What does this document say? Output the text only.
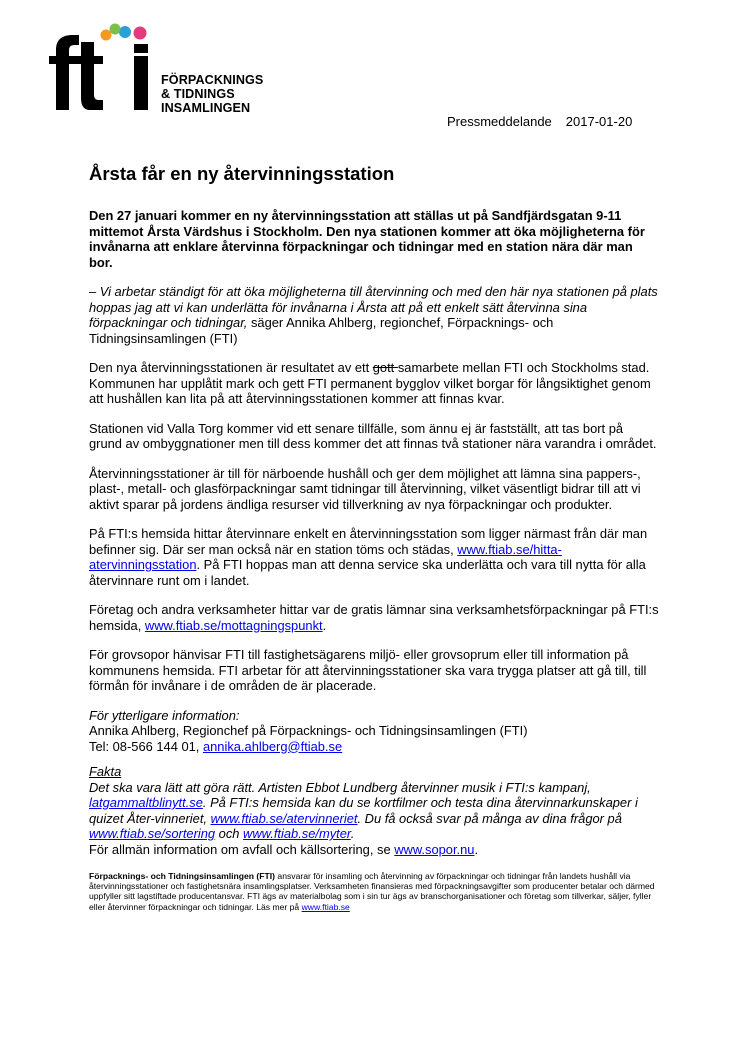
FÖRPACKNINGS
& TIDNINGS
INSAMLINGEN
Pressmeddelande 2017-01-20
Årsta får en ny återvinningsstation

Den 27 januari kommer en ny återvinningsstation att ställas ut på Sandfjärdsgatan 9-11 mittemot Årsta Värdshus i Stockholm. Den nya stationen kommer att öka möjligheterna för invånarna att enklare återvinna förpackningar och tidningar med en station nära där man bor.

– Vi arbetar ständigt för att öka möjligheterna till återvinning och med den här nya stationen på plats hoppas jag att vi kan underlätta för invånarna i Årsta att på ett enkelt sätt återvinna sina förpackningar och tidningar, säger Annika Ahlberg, regionchef, Förpacknings- och Tidningsinsamlingen (FTI)

Den nya återvinningsstationen är resultatet av ett gott samarbete mellan FTI och Stockholms stad. Kommunen har upplåtit mark och gett FTI permanent bygglov vilket borgar för långsiktighet genom att hushållen kan lita på att återvinningsstationen kommer att finnas kvar.

Stationen vid Valla Torg kommer vid ett senare tillfälle, som ännu ej är fastställt, att tas bort på grund av ombyggnationer men till dess kommer det att finnas två stationer nära varandra i området.

Återvinningsstationer är till för närboende hushåll och ger dem möjlighet att lämna sina pappers-, plast-, metall- och glasförpackningar samt tidningar till återvinning, vilket väsentligt bidrar till att vi aktivt sparar på jordens ändliga resurser vid tillverkning av nya förpackningar och produkter.

På FTI:s hemsida hittar återvinnare enkelt en återvinningsstation som ligger närmast från där man befinner sig. Där ser man också när en station töms och städas, www.ftiab.se/hitta-atervinningsstation. På FTI hoppas man att denna service ska underlätta och vara till nytta för alla återvinnare runt om i landet.

Företag och andra verksamheter hittar var de gratis lämnar sina verksamhetsförpackningar på FTI:s hemsida, www.ftiab.se/mottagningspunkt.

För grovsopor hänvisar FTI till fastighetsägarens miljö- eller grovsoprum eller till information på kommunens hemsida. FTI arbetar för att återvinningsstationer ska vara trygga platser att gå till, till förmån för invånare i de områden de är placerade.

För ytterligare information:
Annika Ahlberg, Regionchef på Förpacknings- och Tidningsinsamlingen (FTI)
Tel: 08-566 144 01, annika.ahlberg@ftiab.se

Fakta
Det ska vara lätt att göra rätt. Artisten Ebbot Lundberg återvinner musik i FTI:s kampanj, latgammaltblinytt.se. På FTI:s hemsida kan du se kortfilmer och testa dina återvinnarkunskaper i quizet Åter-vinneriet, www.ftiab.se/atervinneriet. Du få också svar på många av dina frågor på www.ftiab.se/sortering och www.ftiab.se/myter.
För allmän information om avfall och källsortering, se www.sopor.nu.

Förpacknings- och Tidningsinsamlingen (FTI) ansvarar för insamling och återvinning av förpackningar och tidningar från landets hushåll via återvinningsstationer och fastighetsnära insamlingsplatser. Verksamheten finansieras med förpackningsavgifter som producenter betalar och därmed uppfyller sitt lagstiftade producentansvar. FTI ägs av materialbolag som i sin tur ägs av branschorganisationer och företag som tillverkar, säljer, fyller eller återvinner förpackningar och tidningar. Läs mer på www.ftiab.se
